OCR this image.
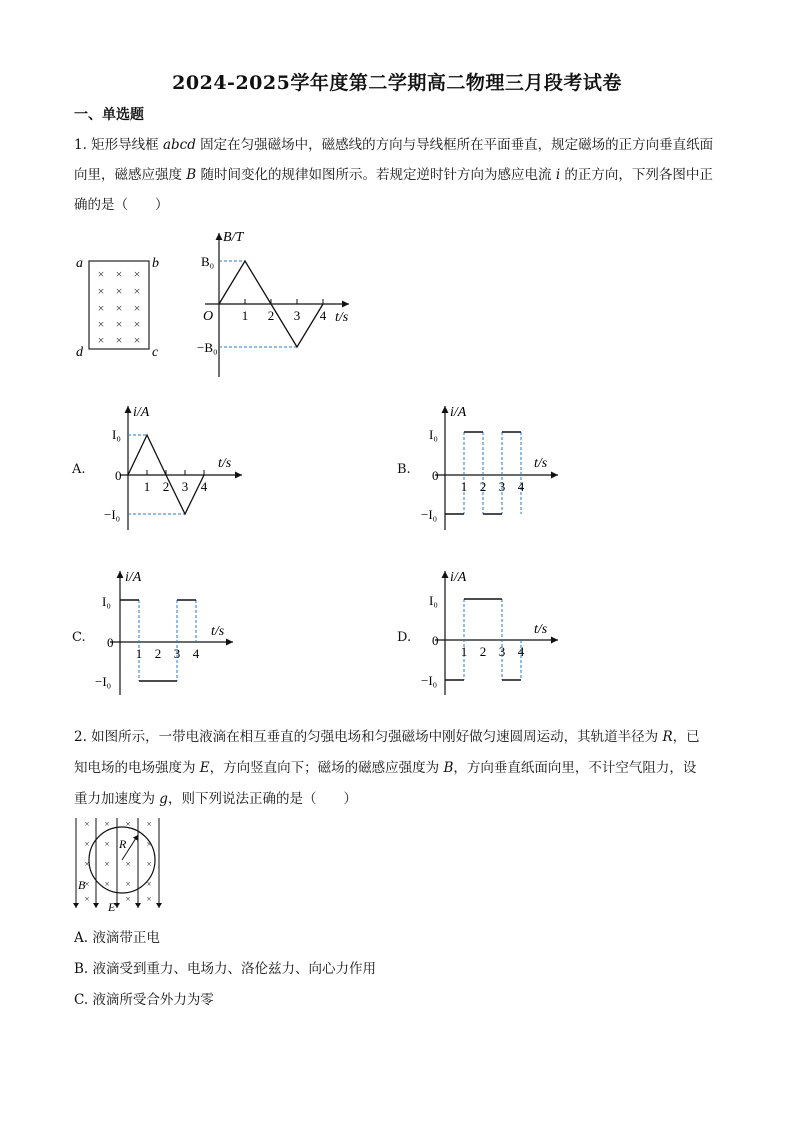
2024-2025学年度第二学期高二物理三月段考试卷
一、单选题
1. 矩形导线框 abcd 固定在匀强磁场中，磁感线的方向与导线框所在平面垂直，规定磁场的正方向垂直纸面
向里，磁感应强度 B 随时间变化的规律如图所示。若规定逆时针方向为感应电流 i 的正方向，下列各图中正
确的是（　　）
a	b
c
d
× × ×
× × ×
× × ×
× × ×
× × ×
B/T
t/s
O
B₀
−B₀
1 2 3 4
A.
i/A
t/s
I₀
0
−I₀
1 2 3 4
B.
i/A
t/s
I₀
0
−I₀
1 2 3 4
C.
i/A
t/s
I₀
0
−I₀
1 2 3 4
D.
i/A
t/s
I₀
0
−I₀
1 2 3 4
2. 如图所示，一带电液滴在相互垂直的匀强电场和匀强磁场中刚好做匀速圆周运动，其轨道半径为 R，已
知电场的电场强度为 E，方向竖直向下；磁场的磁感应强度为 B，方向垂直纸面向里，不计空气阻力，设
重力加速度为 g，则下列说法正确的是（　　）
R
B
E
× × × ×
× ×	×
× × × ×
× × × ×
×	× ×
A. 液滴带正电
B. 液滴受到重力、电场力、洛伦兹力、向心力作用
C. 液滴所受合外力为零
